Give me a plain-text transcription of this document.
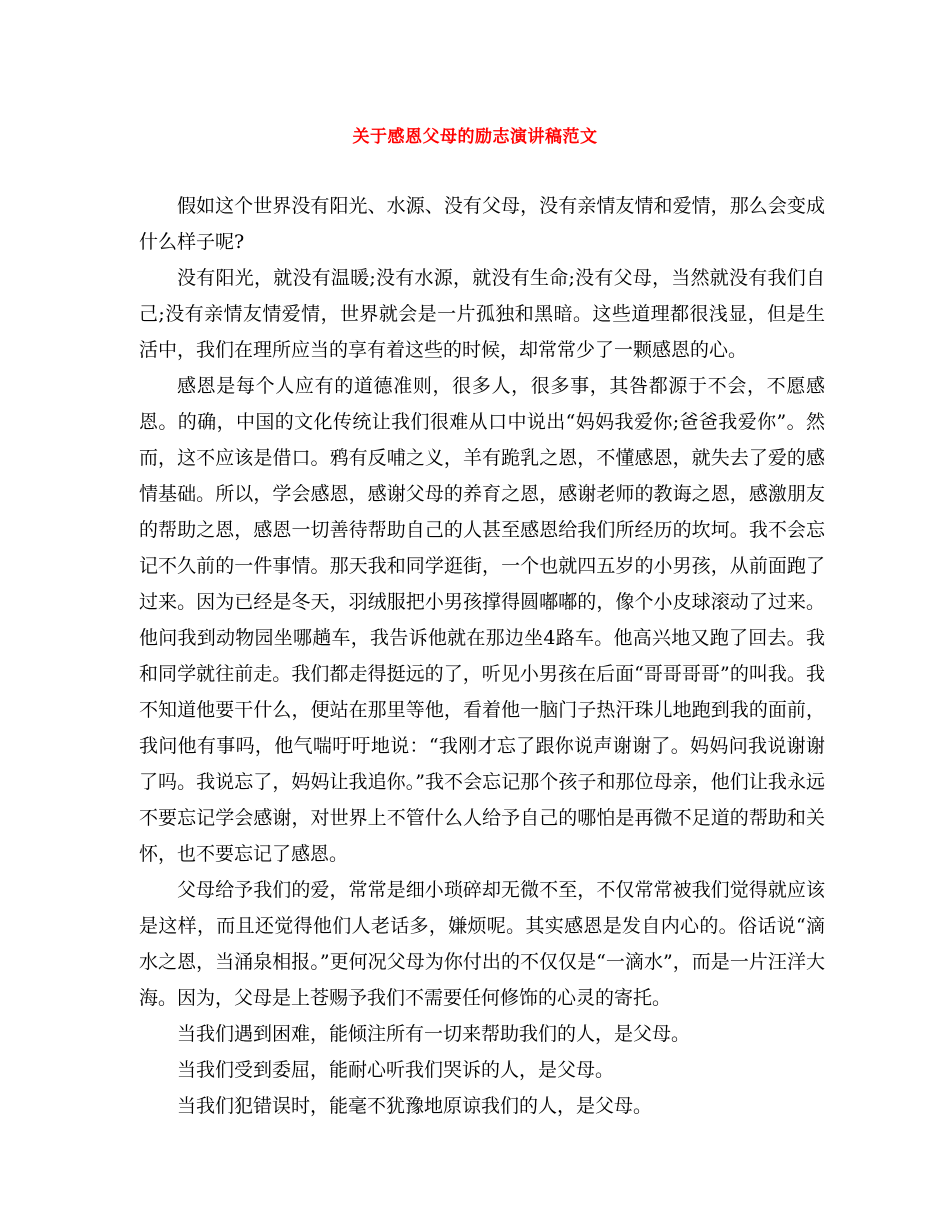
关于感恩父母的励志演讲稿范文

假如这个世界没有阳光、水源、没有父母，没有亲情友情和爱情，那么会变成什么样子呢?

没有阳光，就没有温暖;没有水源，就没有生命;没有父母，当然就没有我们自己;没有亲情友情爱情，世界就会是一片孤独和黑暗。这些道理都很浅显，但是生活中，我们在理所应当的享有着这些的时候，却常常少了一颗感恩的心。

感恩是每个人应有的道德准则，很多人，很多事，其咎都源于不会，不愿感恩。的确，中国的文化传统让我们很难从口中说出“妈妈我爱你;爸爸我爱你”。然而，这不应该是借口。鸦有反哺之义，羊有跪乳之恩，不懂感恩，就失去了爱的感情基础。所以，学会感恩，感谢父母的养育之恩，感谢老师的教诲之恩，感激朋友的帮助之恩，感恩一切善待帮助自己的人甚至感恩给我们所经历的坎坷。我不会忘记不久前的一件事情。那天我和同学逛街，一个也就四五岁的小男孩，从前面跑了过来。因为已经是冬天，羽绒服把小男孩撑得圆嘟嘟的，像个小皮球滚动了过来。他问我到动物园坐哪趟车，我告诉他就在那边坐4路车。他高兴地又跑了回去。我和同学就往前走。我们都走得挺远的了，听见小男孩在后面“哥哥哥哥”的叫我。我不知道他要干什么，便站在那里等他，看着他一脑门子热汗珠儿地跑到我的面前，我问他有事吗，他气喘吁吁地说：“我刚才忘了跟你说声谢谢了。妈妈问我说谢谢了吗。我说忘了，妈妈让我追你。”我不会忘记那个孩子和那位母亲，他们让我永远不要忘记学会感谢，对世界上不管什么人给予自己的哪怕是再微不足道的帮助和关怀，也不要忘记了感恩。

父母给予我们的爱，常常是细小琐碎却无微不至，不仅常常被我们觉得就应该是这样，而且还觉得他们人老话多，嫌烦呢。其实感恩是发自内心的。俗话说“滴水之恩，当涌泉相报。”更何况父母为你付出的不仅仅是“一滴水”，而是一片汪洋大海。因为，父母是上苍赐予我们不需要任何修饰的心灵的寄托。

当我们遇到困难，能倾注所有一切来帮助我们的人，是父母。

当我们受到委屈，能耐心听我们哭诉的人，是父母。

当我们犯错误时，能毫不犹豫地原谅我们的人，是父母。
